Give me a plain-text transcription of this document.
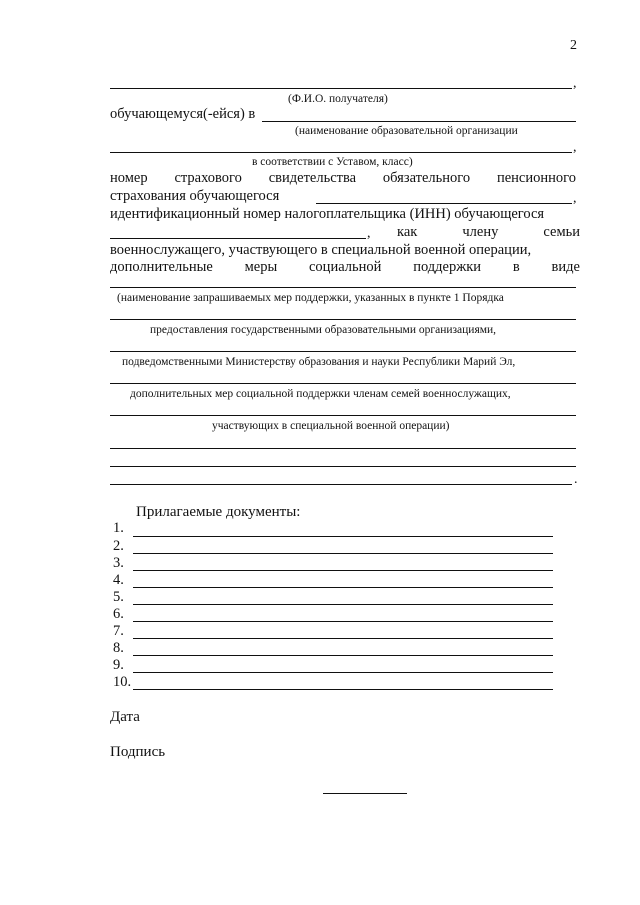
2
,
(Ф.И.О. получателя)
обучающемуся(-ейся) в
(наименование образовательной организации
,
в соответствии с Уставом, класс)
номер страхового свидетельства обязательного пенсионного
страхования обучающегося	,
идентификационный номер налогоплательщика (ИНН) обучающегося
, как	члену	семьи
военнослужащего, участвующего в специальной военной операции,
дополнительные меры социальной поддержки в виде
(наименование запрашиваемых мер поддержки, указанных в пункте 1 Порядка
предоставления государственными образовательными организациями,
подведомственными Министерству образования и науки Республики Марий Эл,
дополнительных мер социальной поддержки членам семей военнослужащих,
участвующих в специальной военной операции)
.
Прилагаемые документы:
1.
2.
3.
4.
5.
6.
7.
8.
9.
10.
Дата
Подпись
